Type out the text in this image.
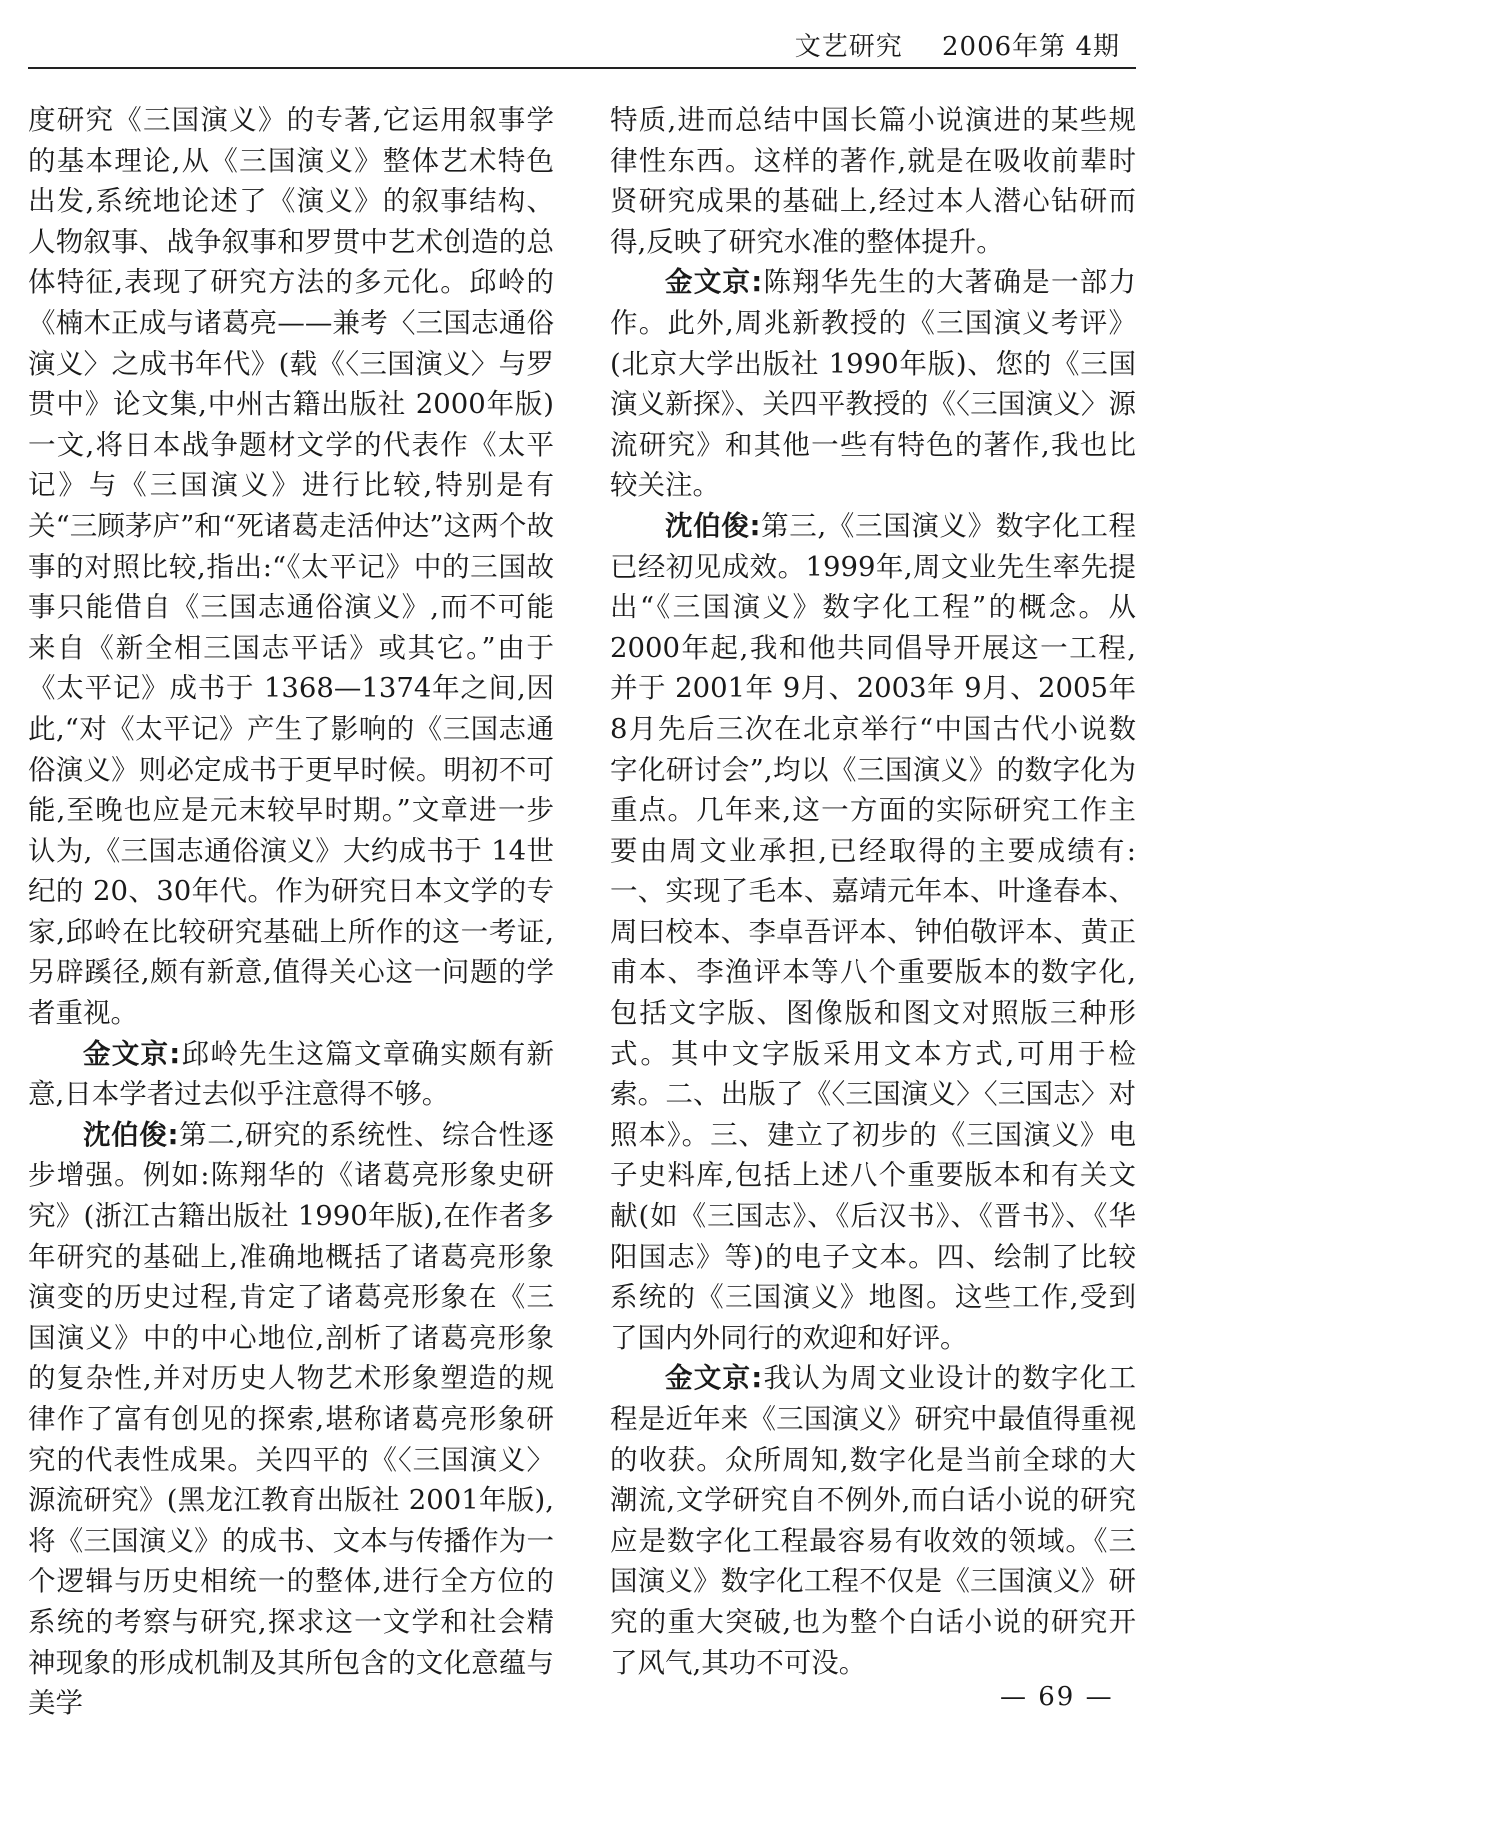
文艺研究 2006年第 4期

度研究《三国演义》的专著,它运用叙事学的基本理论,从《三国演义》整体艺术特色出发,系统地论述了《演义》的叙事结构、人物叙事、战争叙事和罗贯中艺术创造的总体特征,表现了研究方法的多元化。邱岭的《楠木正成与诸葛亮——兼考〈三国志通俗演义〉之成书年代》(载《〈三国演义〉与罗贯中》论文集,中州古籍出版社 2000年版)一文,将日本战争题材文学的代表作《太平记》与《三国演义》进行比较,特别是有关“三顾茅庐”和“死诸葛走活仲达”这两个故事的对照比较,指出:“《太平记》中的三国故事只能借自《三国志通俗演义》,而不可能来自《新全相三国志平话》或其它。”由于《太平记》成书于 1368—1374年之间,因此,“对《太平记》产生了影响的《三国志通俗演义》则必定成书于更早时候。明初不可能,至晚也应是元末较早时期。”文章进一步认为,《三国志通俗演义》大约成书于 14世纪的 20、30年代。作为研究日本文学的专家,邱岭在比较研究基础上所作的这一考证,另辟蹊径,颇有新意,值得关心这一问题的学者重视。

金文京:邱岭先生这篇文章确实颇有新意,日本学者过去似乎注意得不够。

沈伯俊:第二,研究的系统性、综合性逐步增强。例如:陈翔华的《诸葛亮形象史研究》(浙江古籍出版社 1990年版),在作者多年研究的基础上,准确地概括了诸葛亮形象演变的历史过程,肯定了诸葛亮形象在《三国演义》中的中心地位,剖析了诸葛亮形象的复杂性,并对历史人物艺术形象塑造的规律作了富有创见的探索,堪称诸葛亮形象研究的代表性成果。关四平的《〈三国演义〉源流研究》(黑龙江教育出版社 2001年版),将《三国演义》的成书、文本与传播作为一个逻辑与历史相统一的整体,进行全方位的系统的考察与研究,探求这一文学和社会精神现象的形成机制及其所包含的文化意蕴与美学

特质,进而总结中国长篇小说演进的某些规律性东西。这样的著作,就是在吸收前辈时贤研究成果的基础上,经过本人潜心钻研而得,反映了研究水准的整体提升。

金文京:陈翔华先生的大著确是一部力作。此外,周兆新教授的《三国演义考评》(北京大学出版社 1990年版)、您的《三国演义新探》、关四平教授的《〈三国演义〉源流研究》和其他一些有特色的著作,我也比较关注。

沈伯俊:第三,《三国演义》数字化工程已经初见成效。1999年,周文业先生率先提出“《三国演义》数字化工程”的概念。从 2000年起,我和他共同倡导开展这一工程,并于 2001年 9月、2003年 9月、2005年 8月先后三次在北京举行“中国古代小说数字化研讨会”,均以《三国演义》的数字化为重点。几年来,这一方面的实际研究工作主要由周文业承担,已经取得的主要成绩有:一、实现了毛本、嘉靖元年本、叶逢春本、周曰校本、李卓吾评本、钟伯敬评本、黄正甫本、李渔评本等八个重要版本的数字化,包括文字版、图像版和图文对照版三种形式。其中文字版采用文本方式,可用于检索。二、出版了《〈三国演义〉〈三国志〉对照本》。三、建立了初步的《三国演义》电子史料库,包括上述八个重要版本和有关文献(如《三国志》、《后汉书》、《晋书》、《华阳国志》等)的电子文本。四、绘制了比较系统的《三国演义》地图。这些工作,受到了国内外同行的欢迎和好评。

金文京:我认为周文业设计的数字化工程是近年来《三国演义》研究中最值得重视的收获。众所周知,数字化是当前全球的大潮流,文学研究自不例外,而白话小说的研究应是数字化工程最容易有收效的领域。《三国演义》数字化工程不仅是《三国演义》研究的重大突破,也为整个白话小说的研究开了风气,其功不可没。

— 69 —
